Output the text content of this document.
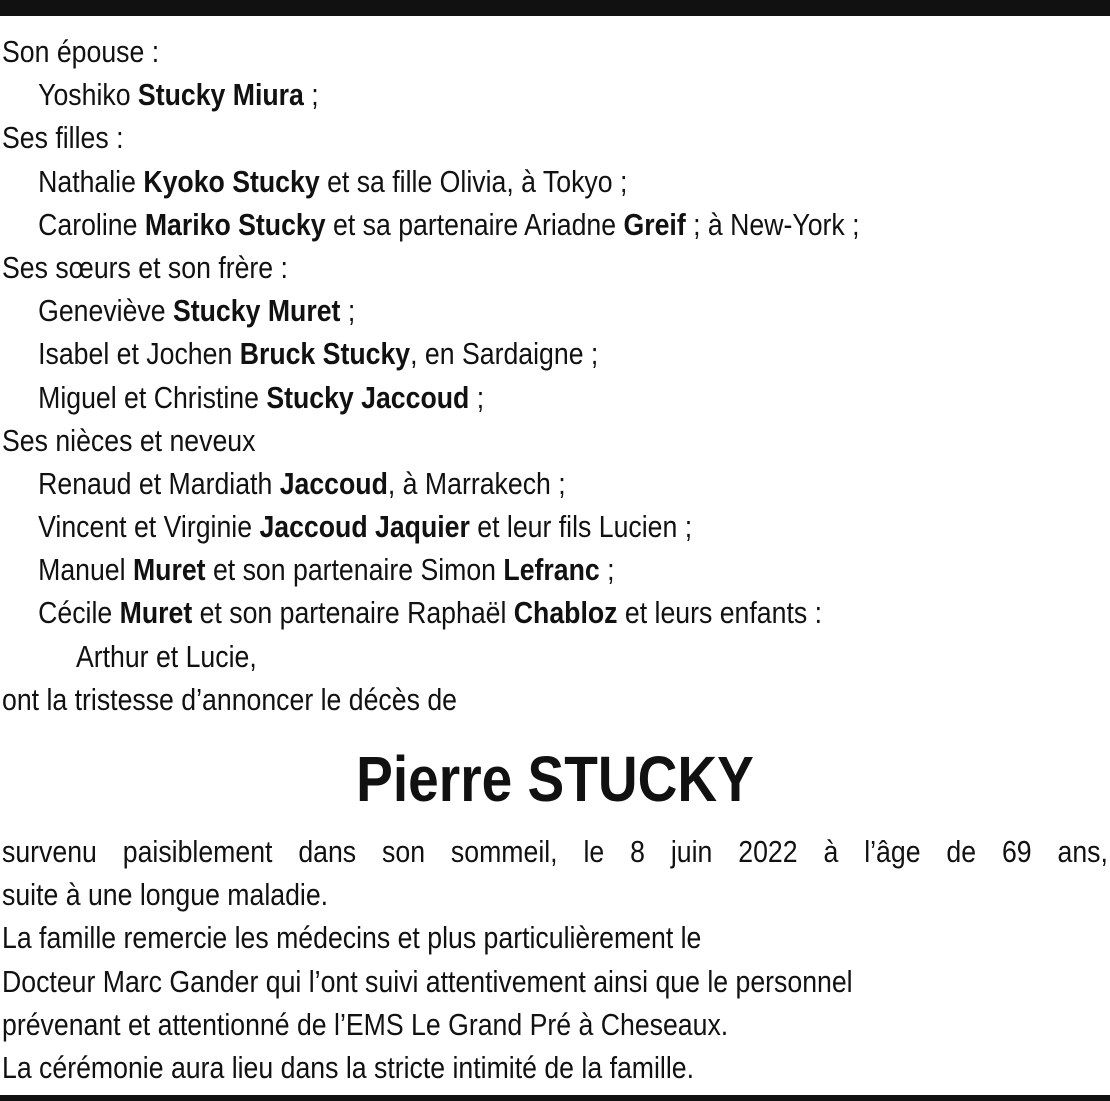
Son épouse :
Yoshiko Stucky Miura ;
Ses filles :
Nathalie Kyoko Stucky et sa fille Olivia, à Tokyo ;
Caroline Mariko Stucky et sa partenaire Ariadne Greif ; à New-York ;
Ses sœurs et son frère :
Geneviève Stucky Muret ;
Isabel et Jochen Bruck Stucky, en Sardaigne ;
Miguel et Christine Stucky Jaccoud ;
Ses nièces et neveux
Renaud et Mardiath Jaccoud, à Marrakech ;
Vincent et Virginie Jaccoud Jaquier et leur fils Lucien ;
Manuel Muret et son partenaire Simon Lefranc ;
Cécile Muret et son partenaire Raphaël Chabloz et leurs enfants :
Arthur et Lucie,
ont la tristesse d’annoncer le décès de
Pierre STUCKY
survenu paisiblement dans son sommeil, le 8 juin 2022 à l’âge de 69 ans,
suite à une longue maladie.
La famille remercie les médecins et plus particulièrement le
Docteur Marc Gander qui l’ont suivi attentivement ainsi que le personnel
prévenant et attentionné de l’EMS Le Grand Pré à Cheseaux.
La cérémonie aura lieu dans la stricte intimité de la famille.
